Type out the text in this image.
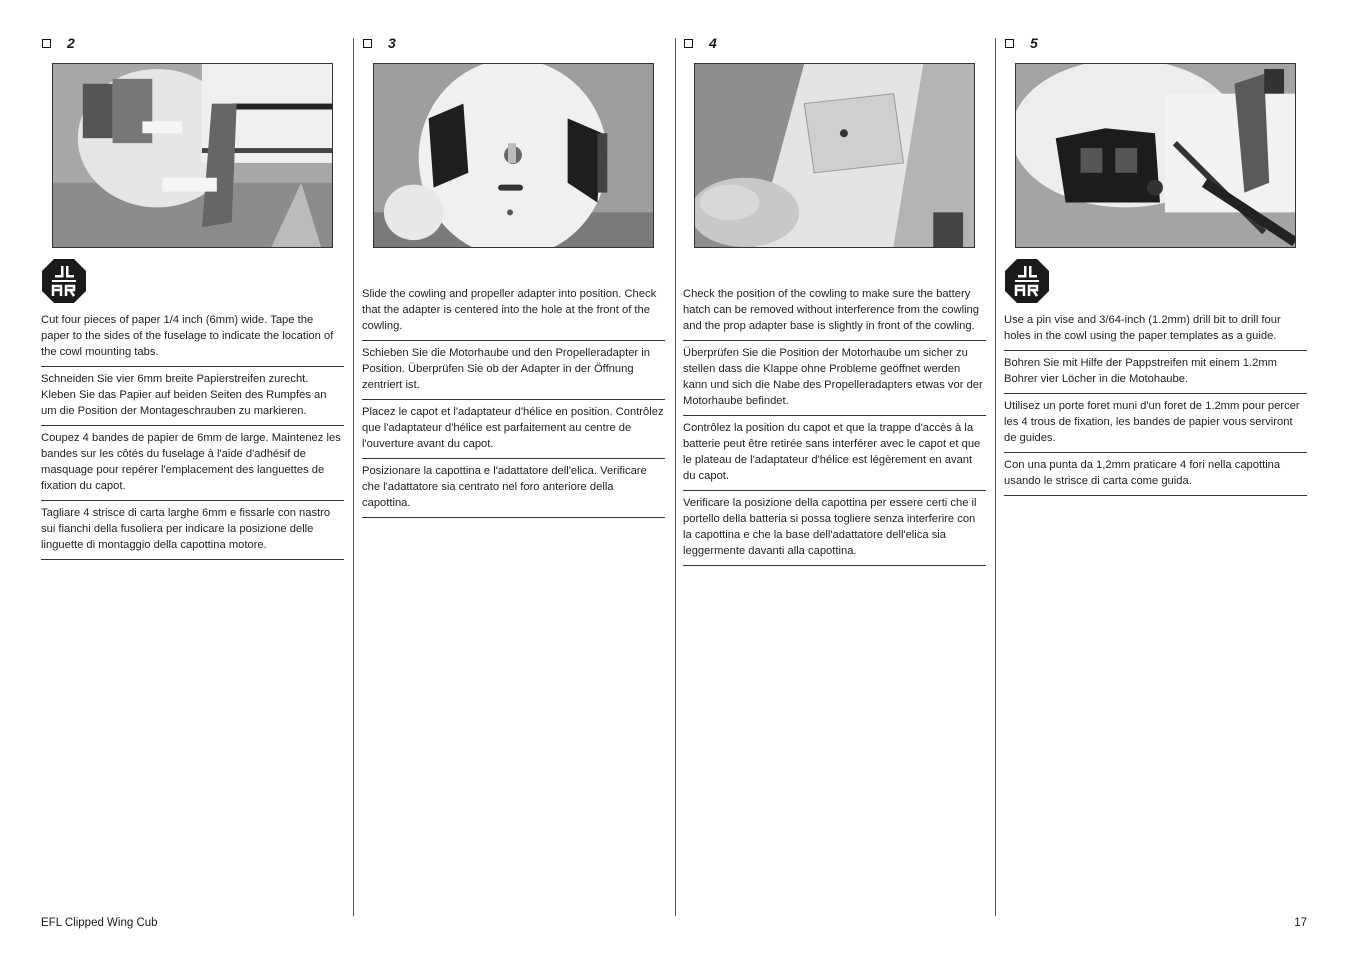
2
Cut four pieces of paper 1/4 inch (6mm) wide. Tape the paper to the sides of the fuselage to indicate the location of the cowl mounting tabs.
Schneiden Sie vier 6mm breite Papierstreifen zurecht. Kleben Sie das Papier auf beiden Seiten des Rumpfes an um die Position der Montageschrauben zu markieren.
Coupez 4 bandes de papier de 6mm de large. Maintenez les bandes sur les côtés du fuselage à l'aide d'adhésif de masquage pour repérer l'emplacement des languettes de fixation du capot.
Tagliare 4 strisce di carta larghe 6mm e fissarle con nastro sui fianchi della fusoliera per indicare la posizione delle linguette di montaggio della capottina motore.
3
Slide the cowling and propeller adapter into position. Check that the adapter is centered into the hole at the front of the cowling.
Schieben Sie die Motorhaube und den Propelleradapter in Position. Überprüfen Sie ob der Adapter in der Öffnung zentriert ist.
Placez le capot et l'adaptateur d'hélice en position. Contrôlez que l'adaptateur d'hélice est parfaitement au centre de l'ouverture avant du capot.
Posizionare la capottina e l'adattatore dell'elica. Verificare che l'adattatore sia centrato nel foro anteriore della capottina.
4
Check the position of the cowling to make sure the battery hatch can be removed without interference from the cowling and the prop adapter base is slightly in front of the cowling.
Überprüfen Sie die Position der Motorhaube um sicher zu stellen dass die Klappe ohne Probleme geöffnet werden kann und sich die Nabe des Propelleradapters etwas vor der Motorhaube befindet.
Contrôlez la position du capot et que la trappe d'accès à la batterie peut être retirée sans interférer avec le capot et que le plateau de l'adaptateur d'hélice est légèrement en avant du capot.
Verificare la posizione della capottina per essere certi che il portello della batteria si possa togliere senza interferire con la capottina e che la base dell'adattatore dell'elica sia leggermente davanti alla capottina.
5
Use a pin vise and 3/64-inch (1.2mm) drill bit to drill four holes in the cowl using the paper templates as a guide.
Bohren Sie mit Hilfe der Pappstreifen mit einem 1.2mm Bohrer vier Löcher in die Motohaube.
Utilisez un porte foret muni d'un foret de 1.2mm pour percer les 4 trous de fixation, les bandes de papier vous serviront de guides.
Con una punta da 1,2mm praticare 4 fori nella capottina usando le strisce di carta come guida.
EFL Clipped Wing Cub	17
